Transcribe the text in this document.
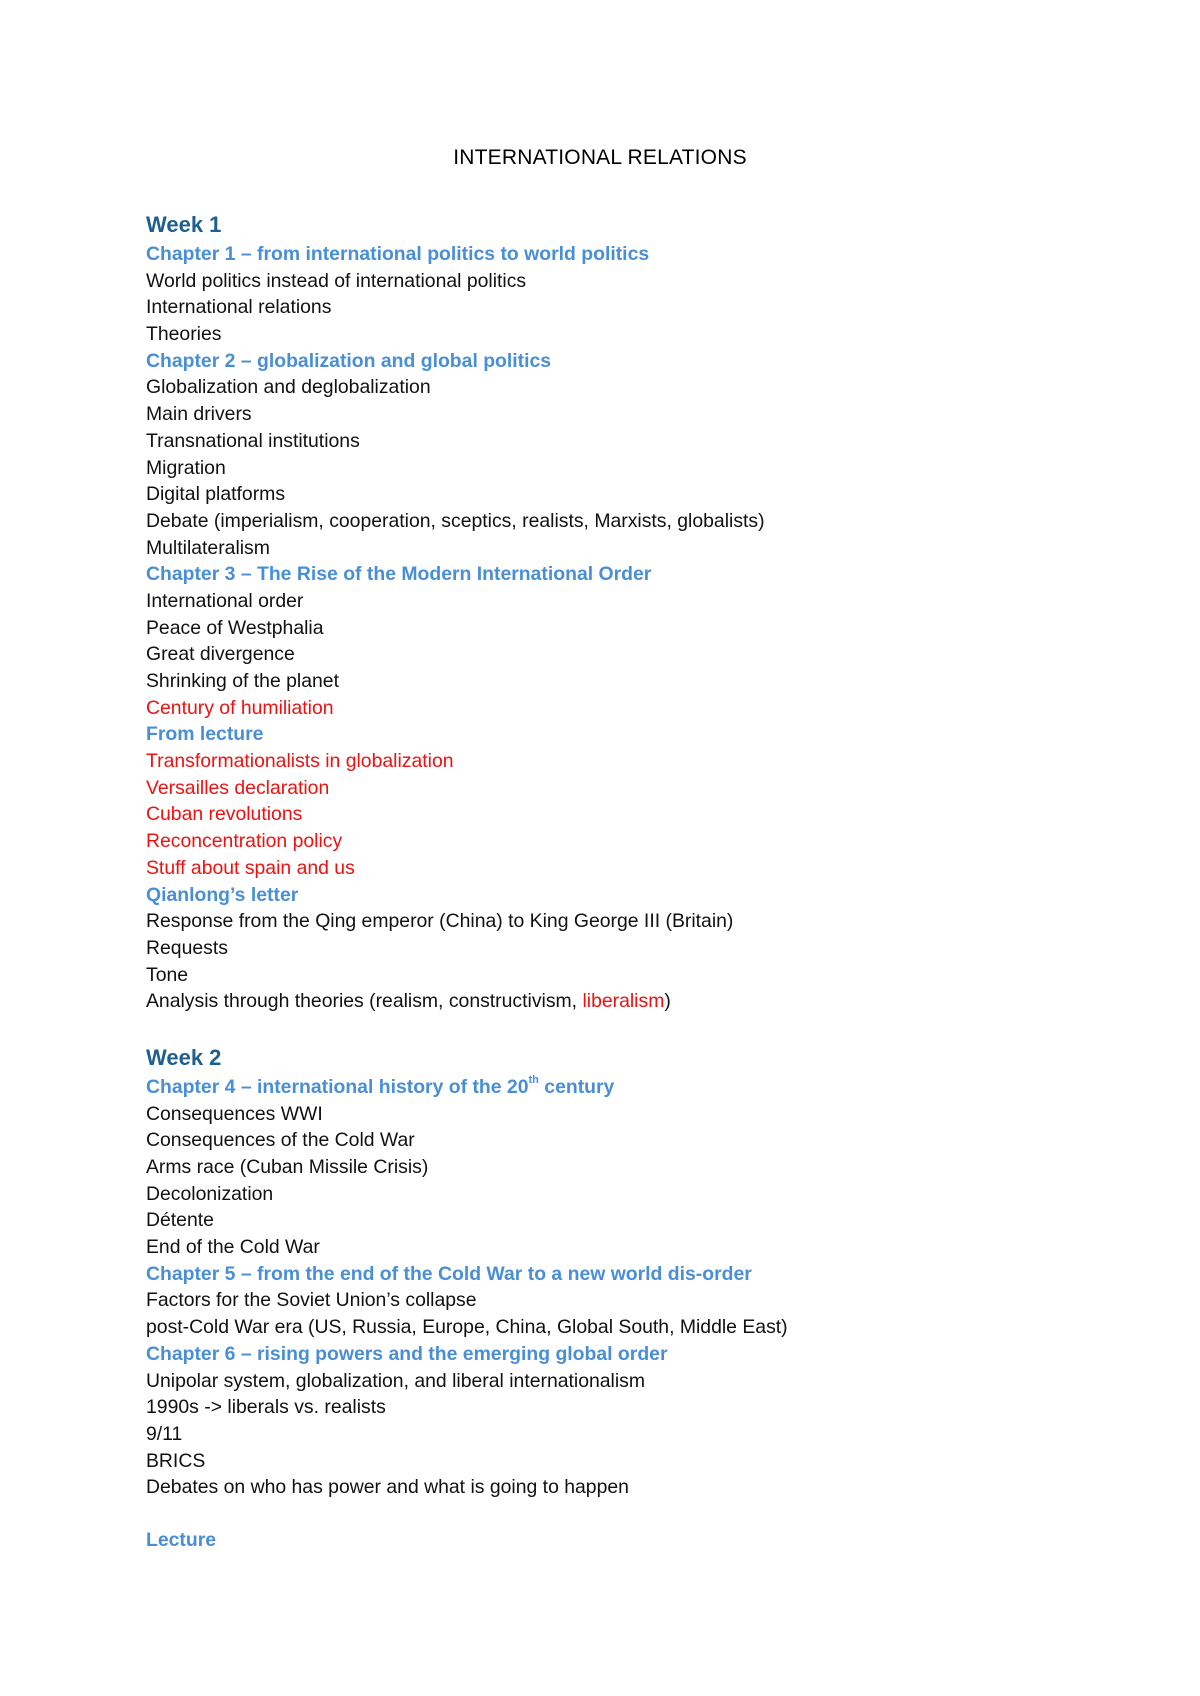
INTERNATIONAL RELATIONS
Week 1
Chapter 1 – from international politics to world politics
World politics instead of international politics
International relations
Theories
Chapter 2 – globalization and global politics
Globalization and deglobalization
Main drivers
Transnational institutions
Migration
Digital platforms
Debate (imperialism, cooperation, sceptics, realists, Marxists, globalists)
Multilateralism
Chapter 3 – The Rise of the Modern International Order
International order
Peace of Westphalia
Great divergence
Shrinking of the planet
Century of humiliation
From lecture
Transformationalists in globalization
Versailles declaration
Cuban revolutions
Reconcentration policy
Stuff about spain and us
Qianlong’s letter
Response from the Qing emperor (China) to King George III (Britain)
Requests
Tone
Analysis through theories (realism, constructivism, liberalism)
Week 2
Chapter 4 – international history of the 20th century
Consequences WWI
Consequences of the Cold War
Arms race (Cuban Missile Crisis)
Decolonization
Détente
End of the Cold War
Chapter 5 – from the end of the Cold War to a new world dis-order
Factors for the Soviet Union’s collapse
post-Cold War era (US, Russia, Europe, China, Global South, Middle East)
Chapter 6 – rising powers and the emerging global order
Unipolar system, globalization, and liberal internationalism
1990s -> liberals vs. realists
9/11
BRICS
Debates on who has power and what is going to happen
Lecture
